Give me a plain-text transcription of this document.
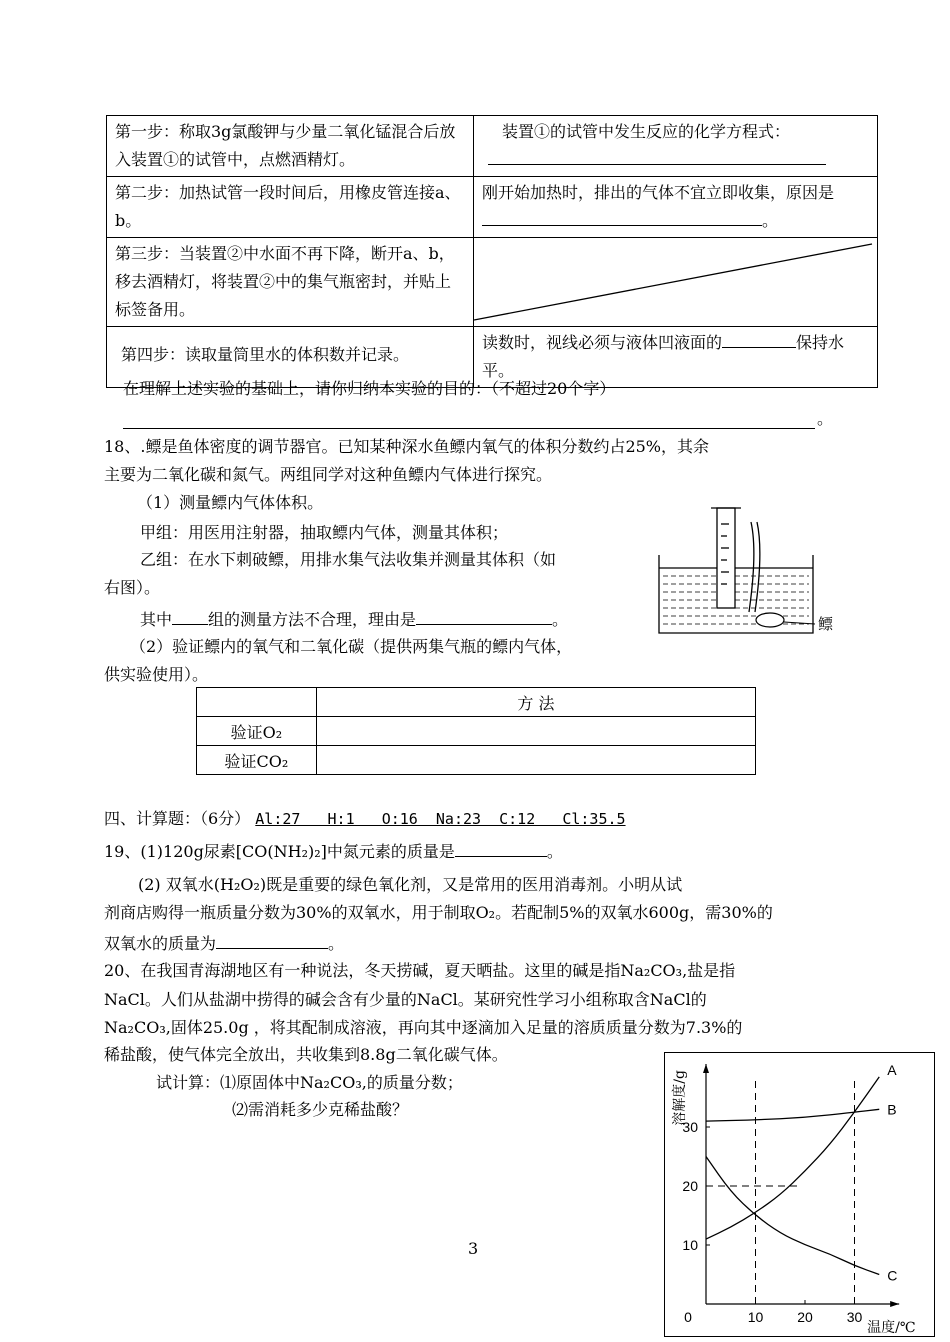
第一步：称取3g氯酸钾与少量二氧化锰混合后放入装置①的试管中，点燃酒精灯。	装置①的试管中发生反应的化学方程式：

第二步：加热试管一段时间后，用橡皮管连接a、b。	刚开始加热时，排出的气体不宜立即收集，原因是。
第三步：当装置②中水面不再下降，断开a、b，移去酒精灯，将装置②中的集气瓶密封，并贴上标签备用。	

第四步：读取量筒里水的体积数并记录。	读数时，视线必须与液体凹液面的 保持水平。
在理解上述实验的基础上，请你归纳本实验的目的：（不超过20个字）
。
18、.鳔是鱼体密度的调节器官。已知某种深水鱼鳔内氧气的体积分数约占25%，其余
主要为二氧化碳和氮气。两组同学对这种鱼鳔内气体进行探究。
（1）测量鳔内气体体积。
甲组：用医用注射器，抽取鳔内气体，测量其体积；
乙组：在水下刺破鳔，用排水集气法收集并测量其体积（如
右图）。
其中 组的测量方法不合理，理由是	。
（2）验证鳔内的氧气和二氧化碳（提供两集气瓶的鳔内气体，
供实验使用）。
鳔
	方 法
验证O₂	
验证CO₂	
四、计算题：（6分） Al:27   H:1   O:16  Na:23  C:12   Cl:35.5
19、(1)120g尿素[CO(NH₂)₂]中氮元素的质量是	。
(2) 双氧水(H₂O₂)既是重要的绿色氧化剂，又是常用的医用消毒剂。小明从试
剂商店购得一瓶质量分数为30%的双氧水，用于制取O₂。若配制5%的双氧水600g，需30%的
双氧水的质量为	。
20、在我国青海湖地区有一种说法，冬天捞碱，夏天晒盐。这里的碱是指Na₂CO₃,盐是指
NaCl。人们从盐湖中捞得的碱会含有少量的NaCl。某研究性学习小组称取含NaCl的
Na₂CO₃,固体25.0g ，将其配制成溶液，再向其中逐滴加入足量的溶质质量分数为7.3%的
稀盐酸，使气体完全放出，共收集到8.8g二氧化碳气体。
试计算：⑴原固体中Na₂CO₃,的质量分数；
⑵需消耗多少克稀盐酸？
3
0	10 20 30
10
20
30
A
B
C
溶解度/g
温度/℃
